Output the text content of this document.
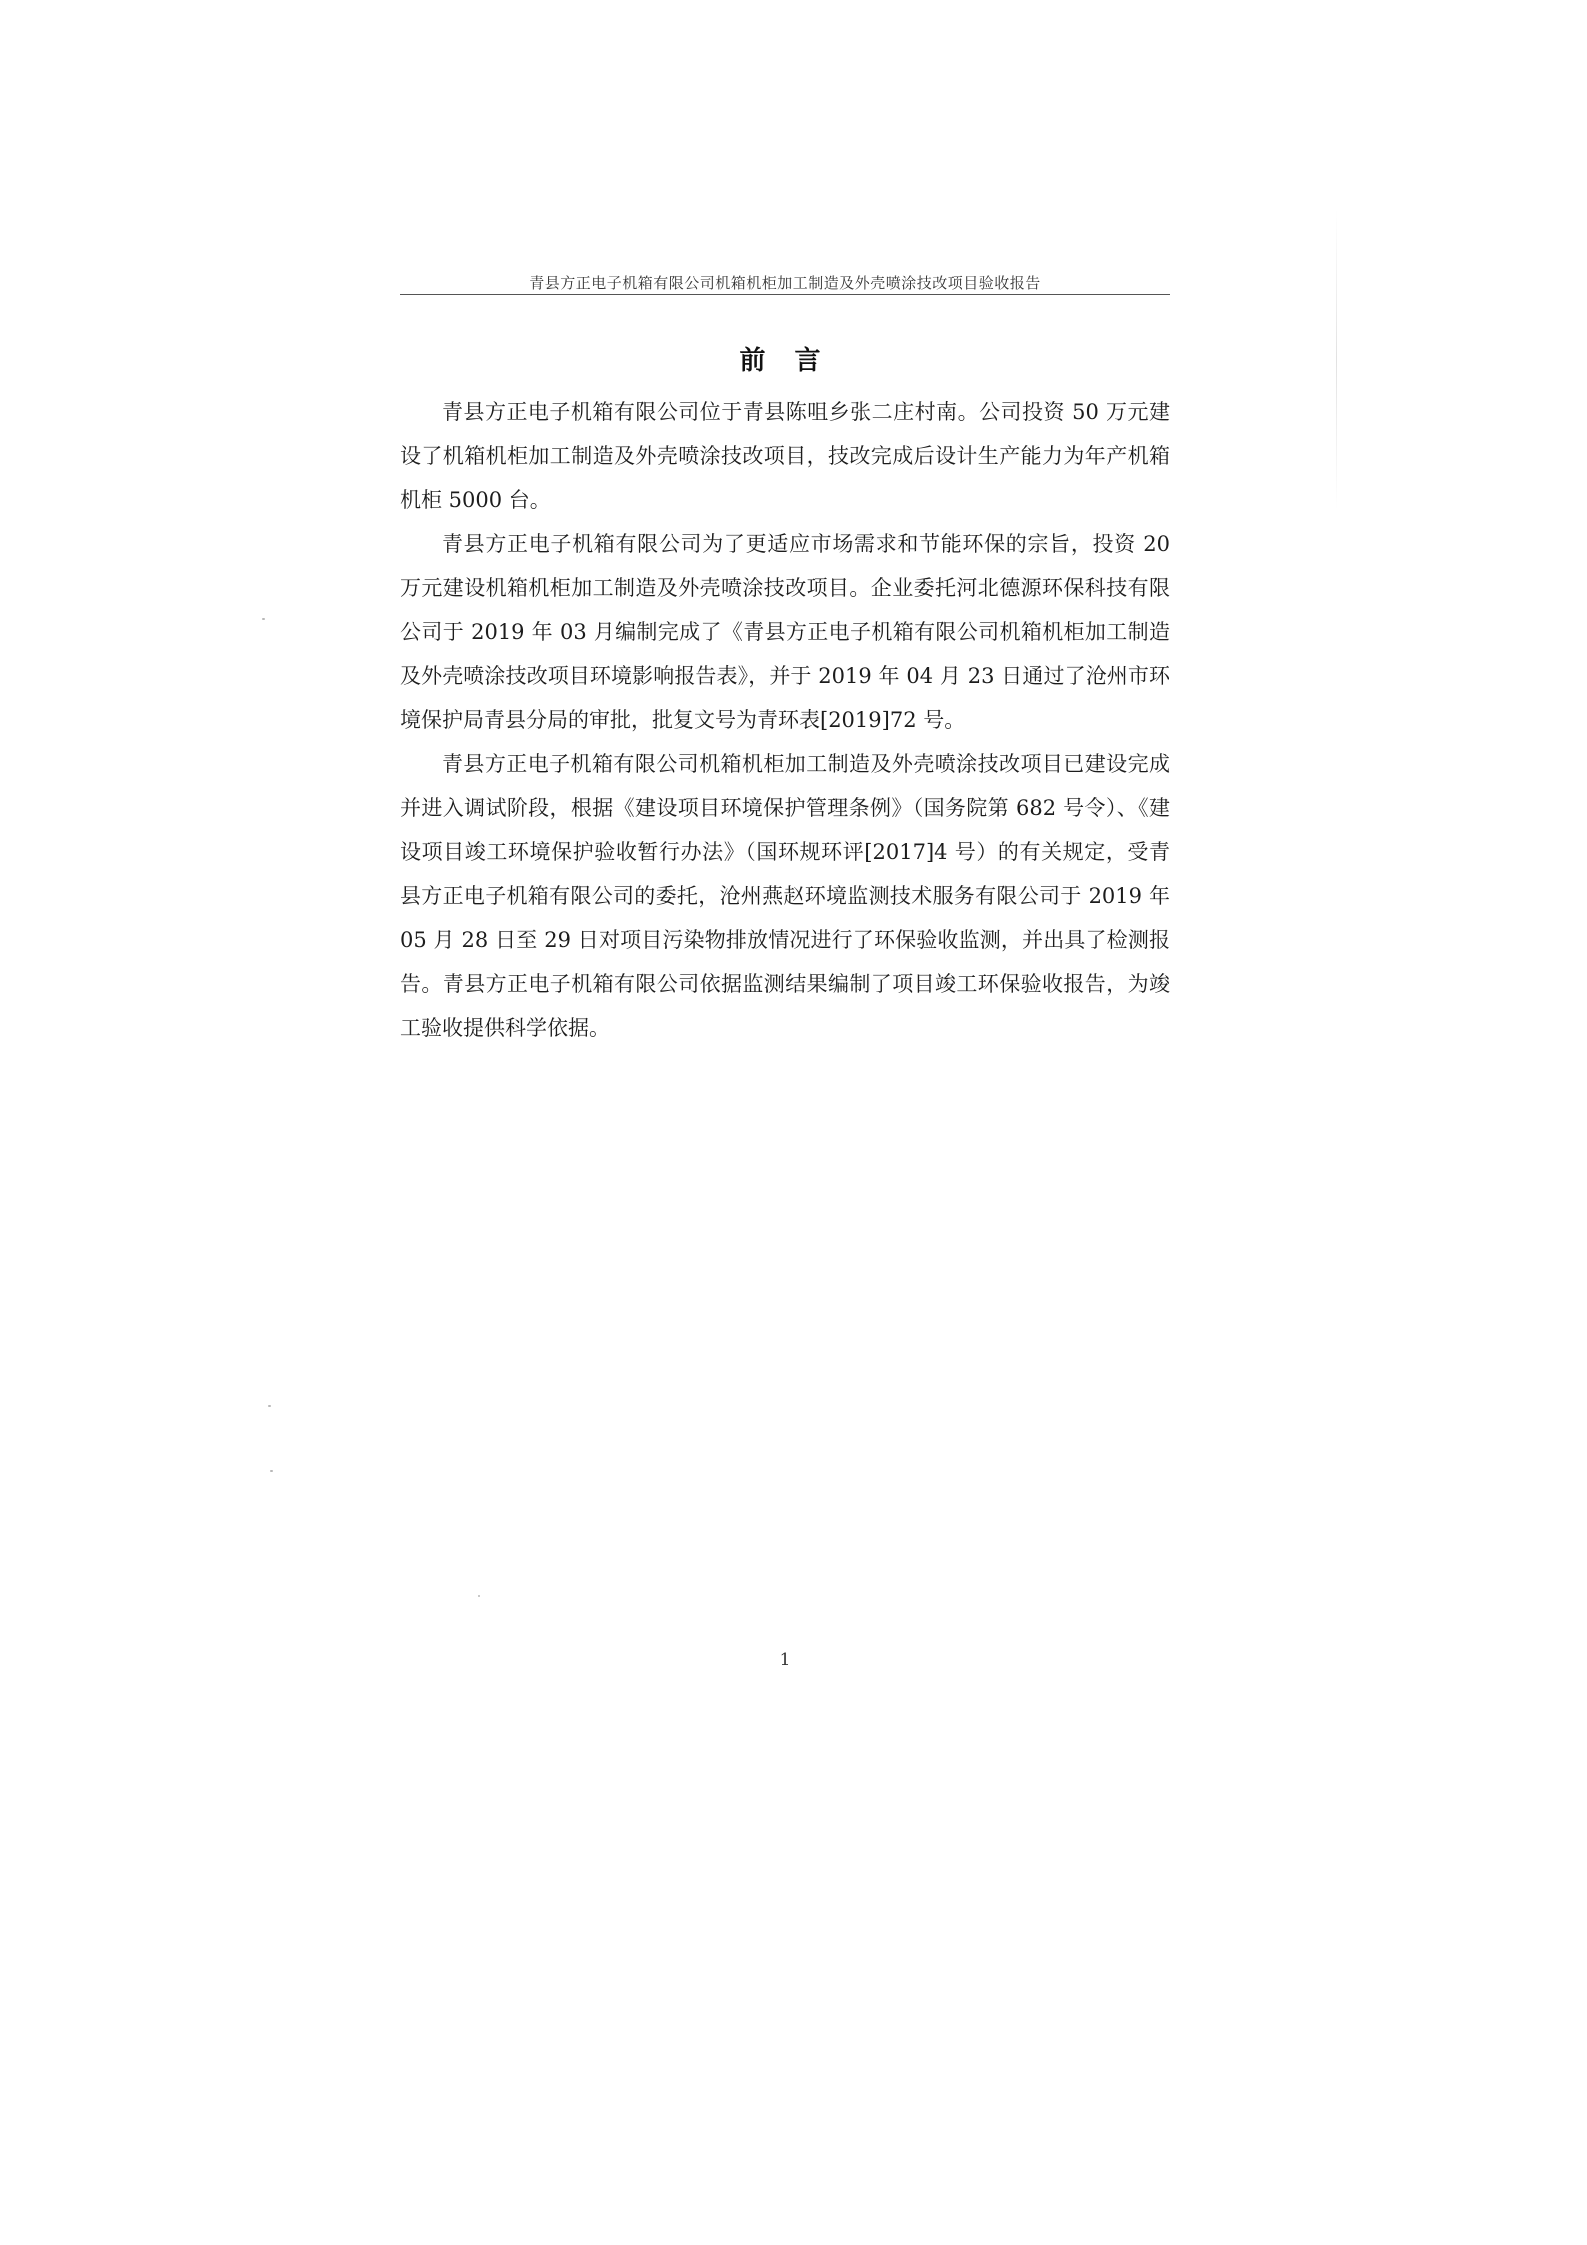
青县方正电子机箱有限公司机箱机柜加工制造及外壳喷涂技改项目验收报告
前 言

青县方正电子机箱有限公司位于青县陈咀乡张二庄村南。公司投资 50 万元建设了机箱机柜加工制造及外壳喷涂技改项目，技改完成后设计生产能力为年产机箱机柜 5000 台。

青县方正电子机箱有限公司为了更适应市场需求和节能环保的宗旨，投资 20 万元建设机箱机柜加工制造及外壳喷涂技改项目。企业委托河北德源环保科技有限公司于 2019 年 03 月编制完成了《青县方正电子机箱有限公司机箱机柜加工制造及外壳喷涂技改项目环境影响报告表》，并于 2019 年 04 月 23 日通过了沧州市环境保护局青县分局的审批，批复文号为青环表[2019]72 号。

青县方正电子机箱有限公司机箱机柜加工制造及外壳喷涂技改项目已建设完成并进入调试阶段，根据《建设项目环境保护管理条例》（国务院第 682 号令）、《建设项目竣工环境保护验收暂行办法》（国环规环评[2017]4 号）的有关规定，受青县方正电子机箱有限公司的委托，沧州燕赵环境监测技术服务有限公司于 2019 年 05 月 28 日至 29 日对项目污染物排放情况进行了环保验收监测，并出具了检测报告。青县方正电子机箱有限公司依据监测结果编制了项目竣工环保验收报告，为竣工验收提供科学依据。

1
